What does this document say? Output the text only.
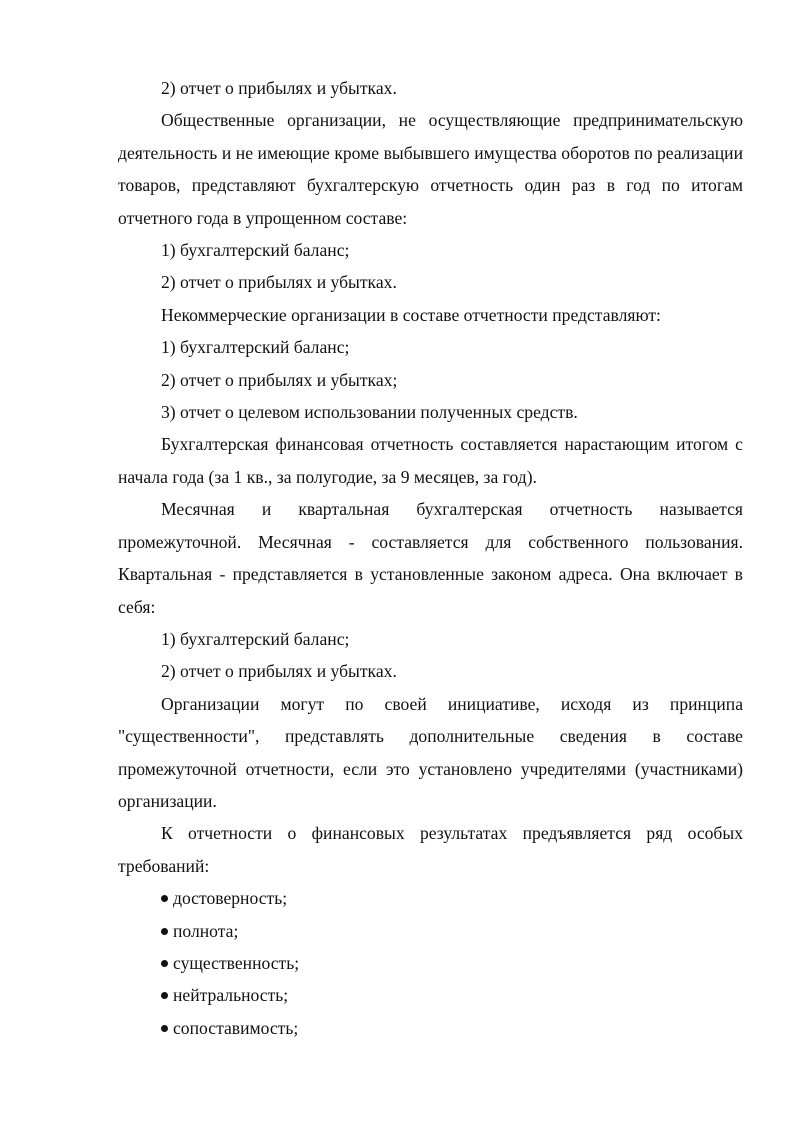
2) отчет о прибылях и убытках.

Общественные организации, не осуществляющие предпринимательскую деятельность и не имеющие кроме выбывшего имущества оборотов по реализации товаров, представляют бухгалтерскую отчетность один раз в год по итогам отчетного года в упрощенном составе:

1) бухгалтерский баланс;

2) отчет о прибылях и убытках.

Некоммерческие организации в составе отчетности представляют:

1) бухгалтерский баланс;

2) отчет о прибылях и убытках;

3) отчет о целевом использовании полученных средств.

Бухгалтерская финансовая отчетность составляется нарастающим итогом с начала года (за 1 кв., за полугодие, за 9 месяцев, за год).

Месячная и квартальная бухгалтерская отчетность называется промежуточной. Месячная - составляется для собственного пользования. Квартальная - представляется в установленные законом адреса. Она включает в себя:

1) бухгалтерский баланс;

2) отчет о прибылях и убытках.

Организации могут по своей инициативе, исходя из принципа "существенности", представлять дополнительные сведения в составе промежуточной отчетности, если это установлено учредителями (участниками) организации.

К отчетности о финансовых результатах предъявляется ряд особых требований:

достоверность;

полнота;

существенность;

нейтральность;

сопоставимость;
